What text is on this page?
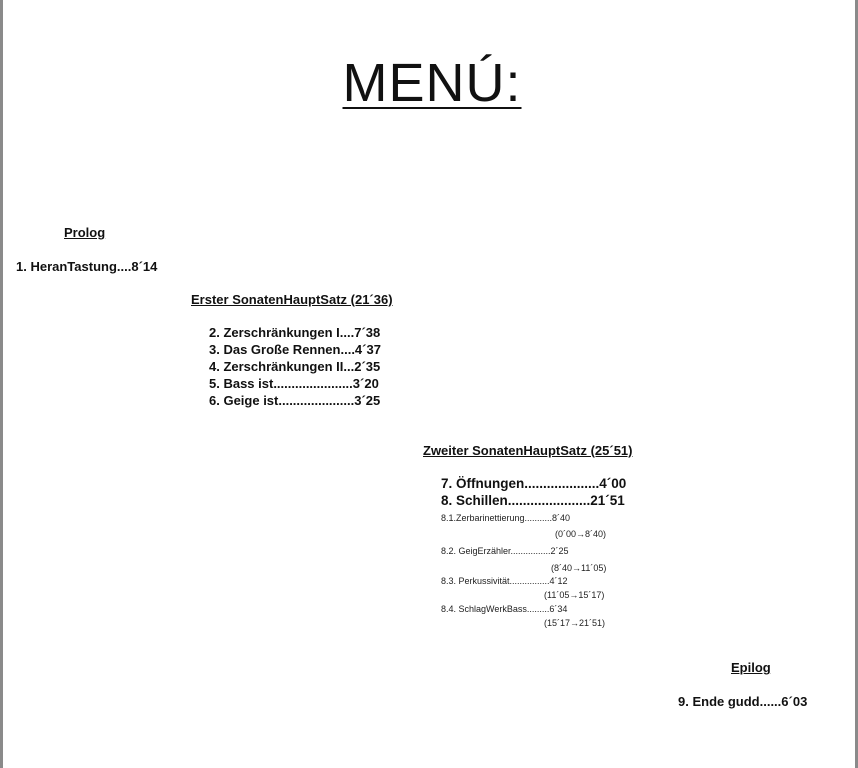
MENÚ:
Prolog
1. HeranTastung....8´14
Erster SonatenHauptSatz (21´36)
2. Zerschränkungen I....7´38
3. Das Große Rennen....4´37
4. Zerschränkungen II...2´35
5. Bass ist......................3´20
6. Geige ist.....................3´25
Zweiter SonatenHauptSatz (25´51)
7. Öffnungen....................4´00
8. Schillen......................21´51
8.1.Zerbarinettierung...........8´40
(0´00→8´40)
8.2. GeigErzähler................2´25
(8´40→11´05)
8.3. Perkussivität................4´12
(11´05→15´17)
8.4. SchlagWerkBass.........6´34
(15´17→21´51)
Epilog
9. Ende gudd......6´03
